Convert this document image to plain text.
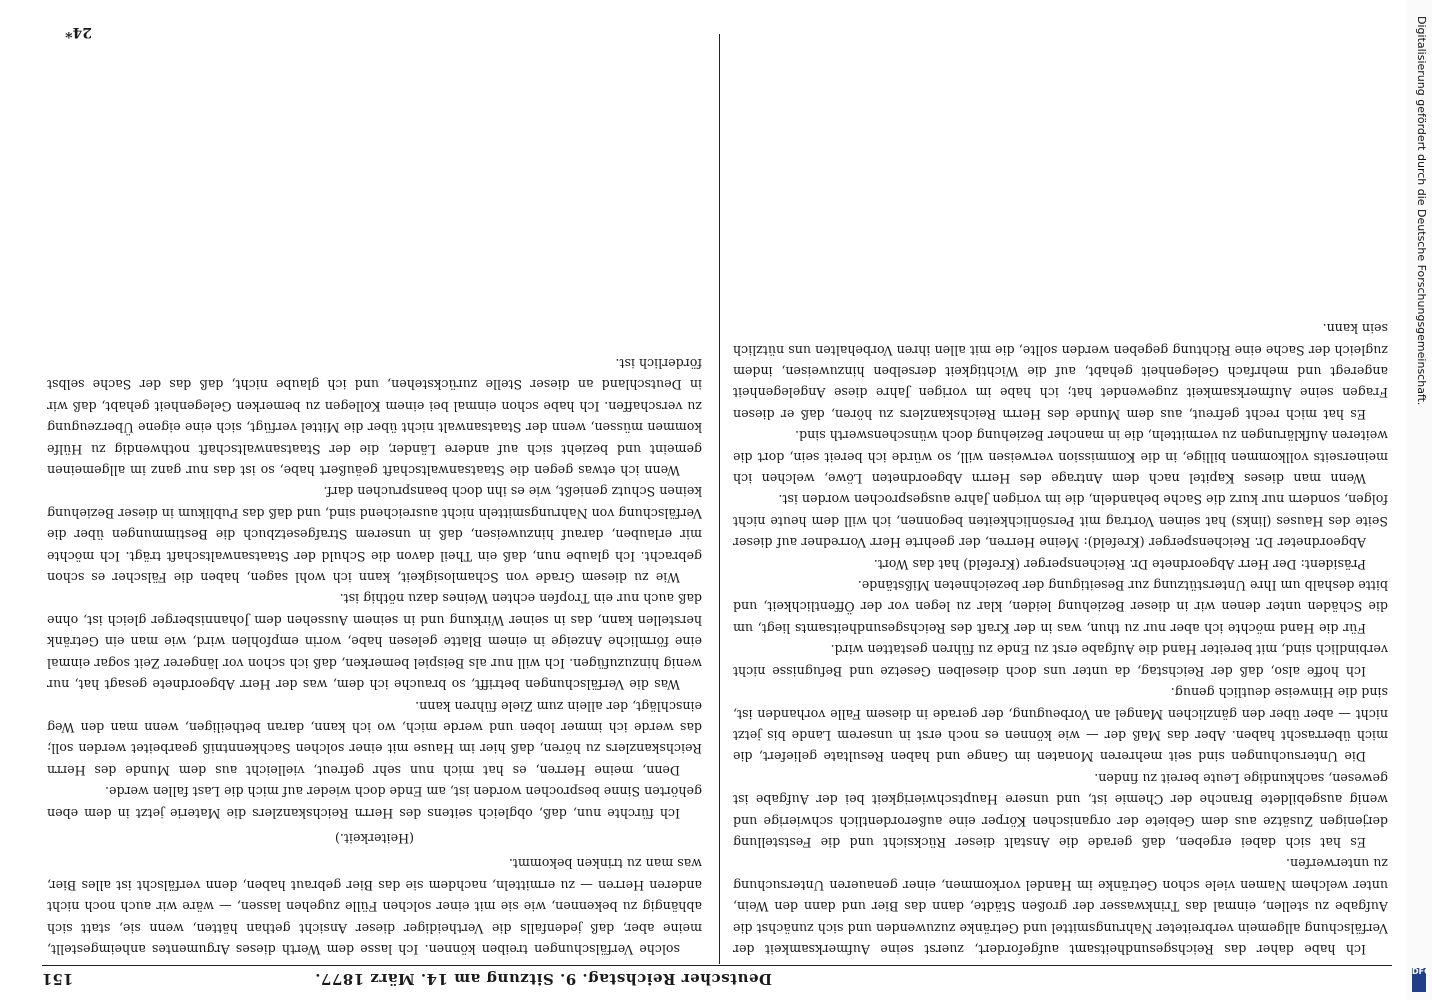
Deutscher Reichstag. 9. Sitzung am 14. März 1877.
151

Ich habe daher das Reichsgesundheitsamt aufgefordert, zuerst seine Aufmerksamkeit der Verfälschung allgemein verbreiteter Nahrungsmittel und Getränke zuzuwenden und sich zunächst die Aufgabe zu stellen, einmal das Trinkwasser der großen Städte, dann das Bier und dann den Wein, unter welchem Namen viele schon Getränke im Handel vorkommen, einer genaueren Untersuchung zu unterwerfen.

Es hat sich dabei ergeben, daß gerade die Anstalt dieser Rücksicht und die Feststellung derjenigen Zusätze aus dem Gebiete der organischen Körper eine außerordentlich schwierige und wenig ausgebildete Branche der Chemie ist, und unsere Hauptschwierigkeit bei der Aufgabe ist gewesen, sachkundige Leute bereit zu finden.

Die Untersuchungen sind seit mehreren Monaten im Gange und haben Resultate geliefert, die mich überrascht haben. Aber das Maß der — wie können es noch erst in unserem Lande bis jetzt nicht — aber über den gänzlichen Mangel an Vorbeugung, der gerade in diesem Falle vorhanden ist, sind die Hinweise deutlich genug.

Ich hoffe also, daß der Reichstag, da unter uns doch dieselben Gesetze und Befugnisse nicht verbindlich sind, mit bereiter Hand die Aufgabe erst zu Ende zu führen gestatten wird.

Für die Hand möchte ich aber nur zu thun, was in der Kraft des Reichsgesundheitsamts liegt, um die Schäden unter denen wir in dieser Beziehung leiden, klar zu legen vor der Öffentlichkeit, und bitte deshalb um Ihre Unterstützung zur Beseitigung der bezeichneten Mißstände.

Präsident: Der Herr Abgeordnete Dr. Reichensperger (Krefeld) hat das Wort.

Abgeordneter Dr. Reichensperger (Krefeld): Meine Herren, der geehrte Herr Vorredner auf dieser Seite des Hauses (links) hat seinen Vortrag mit Persönlichkeiten begonnen, ich will dem heute nicht folgen, sondern nur kurz die Sache behandeln, die im vorigen Jahre ausgesprochen worden ist.

Wenn man dieses Kapitel nach dem Antrage des Herrn Abgeordneten Löwe, welchen ich meinerseits vollkommen billige, in die Kommission verweisen will, so würde ich bereit sein, dort die weiteren Aufklärungen zu vermitteln, die in mancher Beziehung doch wünschenswerth sind.

Es hat mich recht gefreut, aus dem Munde des Herrn Reichskanzlers zu hören, daß er diesen Fragen seine Aufmerksamkeit zugewendet hat; ich habe im vorigen Jahre diese Angelegenheit angeregt und mehrfach Gelegenheit gehabt, auf die Wichtigkeit derselben hinzuweisen, indem zugleich der Sache eine Richtung gegeben werden sollte, die mit allen ihren Vorbehalten uns nützlich sein kann.

solche Verfälschungen treiben können. Ich lasse dem Werth dieses Argumentes anheimgestellt, meine aber, daß jedenfalls die Vertheidiger dieser Ansicht gethan hätten, wenn sie, statt sich abhängig zu bekennen, wie sie mit einer solchen Fülle zugehen lassen, — wäre wir auch noch nicht anderen Herren — zu ermitteln, nachdem sie das Bier gebraut haben, denn verfälscht ist alles Bier, was man zu trinken bekommt.

(Heiterkeit.)

Ich fürchte nun, daß, obgleich seitens des Herrn Reichskanzlers die Materie jetzt in dem eben gehörten Sinne besprochen worden ist, am Ende doch wieder auf mich die Last fallen werde.

Denn, meine Herren, es hat mich nun sehr gefreut, vielleicht aus dem Munde des Herrn Reichskanzlers zu hören, daß hier im Hause mit einer solchen Sachkenntniß gearbeitet werden soll; das werde ich immer loben und werde mich, wo ich kann, daran betheiligen, wenn man den Weg einschlägt, der allein zum Ziele führen kann.

Was die Verfälschungen betrifft, so brauche ich dem, was der Herr Abgeordnete gesagt hat, nur wenig hinzuzufügen. Ich will nur als Beispiel bemerken, daß ich schon vor längerer Zeit sogar einmal eine förmliche Anzeige in einem Blatte gelesen habe, worin empfohlen wird, wie man ein Getränk herstellen kann, das in seiner Wirkung und in seinem Aussehen dem Johannisberger gleich ist, ohne daß auch nur ein Tropfen echten Weines dazu nöthig ist.

Wie zu diesem Grade von Schamlosigkeit, kann ich wohl sagen, haben die Fälscher es schon gebracht. Ich glaube nun, daß ein Theil davon die Schuld der Staatsanwaltschaft trägt. Ich möchte mir erlauben, darauf hinzuweisen, daß in unserem Strafgesetzbuch die Bestimmungen über die Verfälschung von Nahrungsmitteln nicht ausreichend sind, und daß das Publikum in dieser Beziehung keinen Schutz genießt, wie es ihn doch beanspruchen darf.

Wenn ich etwas gegen die Staatsanwaltschaft geäußert habe, so ist das nur ganz im allgemeinen gemeint und bezieht sich auf andere Länder, die der Staatsanwaltschaft nothwendig zu Hülfe kommen müssen, wenn der Staatsanwalt nicht über die Mittel verfügt, sich eine eigene Überzeugung zu verschaffen. Ich habe schon einmal bei einem Kollegen zu bemerken Gelegenheit gehabt, daß wir in Deutschland an dieser Stelle zurückstehen, und ich glaube nicht, daß das der Sache selbst förderlich ist.

24*	Digitalisierung gefördert durch die Deutsche Forschungsgemeinschaft.
DFG
